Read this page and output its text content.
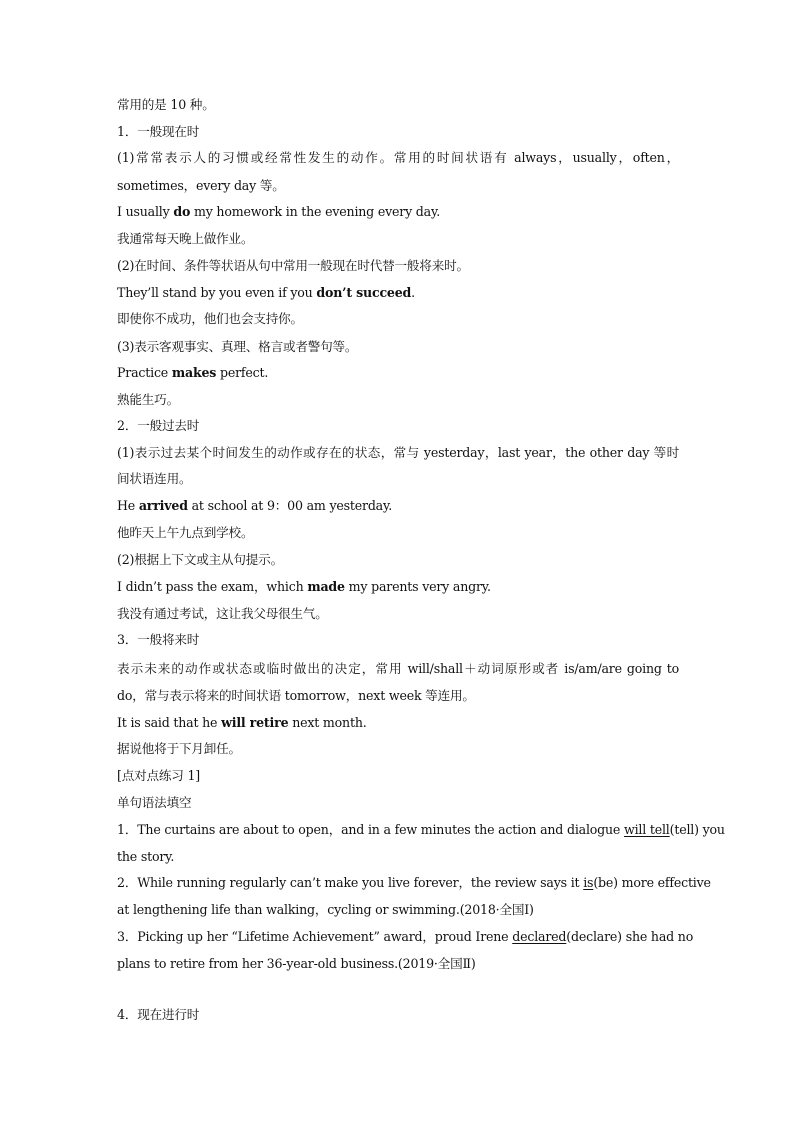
常用的是 10 种。
1．一般现在时
(1)常常表示人的习惯或经常性发生的动作。常用的时间状语有 always，usually，often，
sometimes，every day 等。
I usually do my homework in the evening every day.
我通常每天晚上做作业。
(2)在时间、条件等状语从句中常用一般现在时代替一般将来时。
They’ll stand by you even if you don’t succeed.
即使你不成功，他们也会支持你。
(3)表示客观事实、真理、格言或者警句等。
Practice makes perfect.
熟能生巧。
2．一般过去时
(1)表示过去某个时间发生的动作或存在的状态，常与 yesterday，last year，the other day 等时
间状语连用。
He arrived at school at 9：00 am yesterday.
他昨天上午九点到学校。
(2)根据上下文或主从句提示。
I didn’t pass the exam，which made my parents very angry.
我没有通过考试，这让我父母很生气。
3．一般将来时
表示未来的动作或状态或临时做出的决定，常用 will/shall＋动词原形或者 is/am/are going to
do，常与表示将来的时间状语 tomorrow，next week 等连用。
It is said that he will retire next month.
据说他将于下月卸任。
[点对点练习 1]
单句语法填空
1．The curtains are about to open，and in a few minutes the action and dialogue will tell(tell) you
the story.
2．While running regularly can’t make you live forever，the review says it is(be) more effective
at lengthening life than walking，cycling or swimming.(2018·全国Ⅰ)
3．Picking up her “Lifetime Achievement” award，proud Irene declared(declare) she had no
plans to retire from her 36-year-old business.(2019·全国Ⅱ)
4．现在进行时
